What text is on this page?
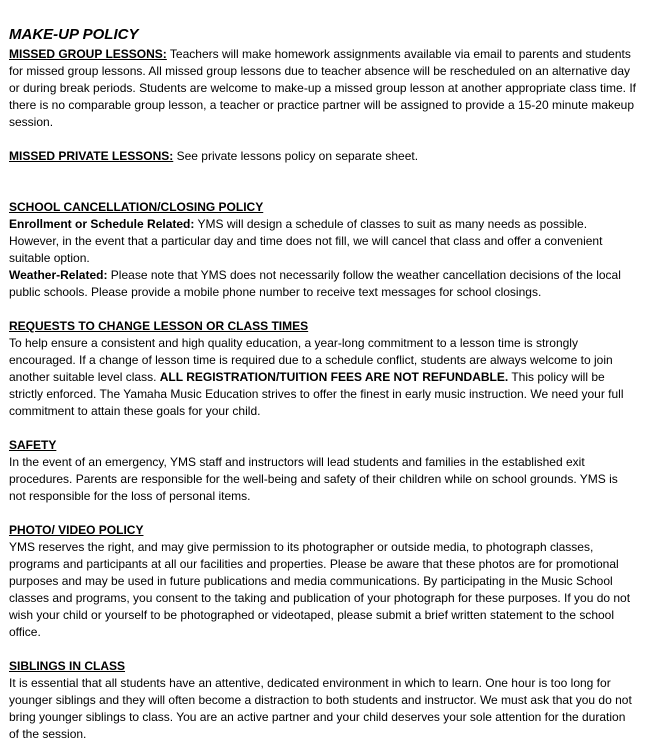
MAKE-UP POLICY

MISSED GROUP LESSONS: Teachers will make homework assignments available via email to parents and students for missed group lessons. All missed group lessons due to teacher absence will be rescheduled on an alternative day or during break periods. Students are welcome to make-up a missed group lesson at another appropriate class time. If there is no comparable group lesson, a teacher or practice partner will be assigned to provide a 15-20 minute makeup session.

MISSED PRIVATE LESSONS: See private lessons policy on separate sheet.

SCHOOL CANCELLATION/CLOSING POLICY

Enrollment or Schedule Related: YMS will design a schedule of classes to suit as many needs as possible. However, in the event that a particular day and time does not fill, we will cancel that class and offer a convenient suitable option.

Weather-Related: Please note that YMS does not necessarily follow the weather cancellation decisions of the local public schools. Please provide a mobile phone number to receive text messages for school closings.

REQUESTS TO CHANGE LESSON OR CLASS TIMES

To help ensure a consistent and high quality education, a year-long commitment to a lesson time is strongly encouraged. If a change of lesson time is required due to a schedule conflict, students are always welcome to join another suitable level class. ALL REGISTRATION/TUITION FEES ARE NOT REFUNDABLE. This policy will be strictly enforced. The Yamaha Music Education strives to offer the finest in early music instruction. We need your full commitment to attain these goals for your child.

SAFETY

In the event of an emergency, YMS staff and instructors will lead students and families in the established exit procedures. Parents are responsible for the well-being and safety of their children while on school grounds. YMS is not responsible for the loss of personal items.

PHOTO/ VIDEO POLICY

YMS reserves the right, and may give permission to its photographer or outside media, to photograph classes, programs and participants at all our facilities and properties. Please be aware that these photos are for promotional purposes and may be used in future publications and media communications. By participating in the Music School classes and programs, you consent to the taking and publication of your photograph for these purposes. If you do not wish your child or yourself to be photographed or videotaped, please submit a brief written statement to the school office.

SIBLINGS IN CLASS

It is essential that all students have an attentive, dedicated environment in which to learn. One hour is too long for younger siblings and they will often become a distraction to both students and instructor. We must ask that you do not bring younger siblings to class. You are an active partner and your child deserves your sole attention for the duration of the session.
